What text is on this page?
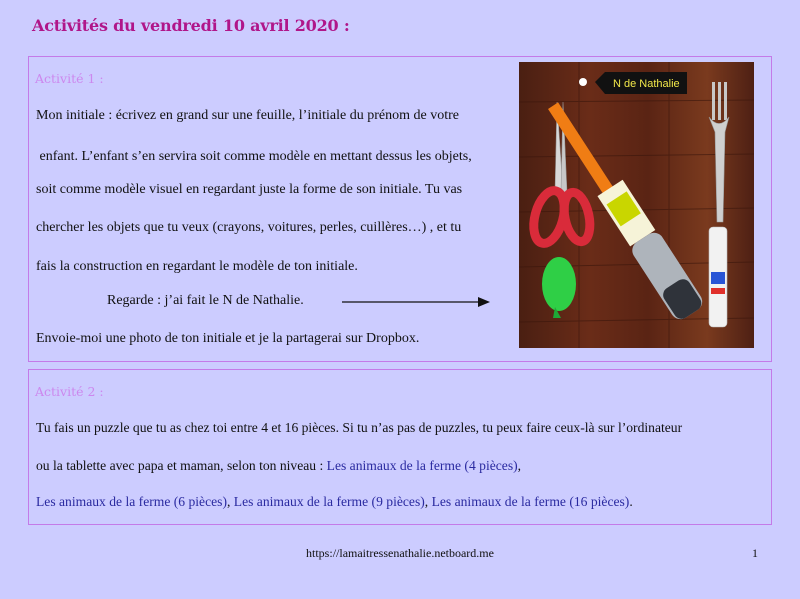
Activités du vendredi 10 avril 2020 :
Activité 1 :
Mon initiale : écrivez en grand sur une feuille, l’initiale du prénom de votre
enfant. L’enfant s’en servira soit comme modèle en mettant dessus les objets,
soit comme modèle visuel en regardant juste la forme de son initiale. Tu vas
chercher les objets que tu veux (crayons, voitures, perles, cuillères…) , et tu
fais la construction en regardant le modèle de ton initiale.
Regarde : j’ai fait le N de Nathalie.
Envoie-moi une photo de ton initiale et je la partagerai sur Dropbox.
N de Nathalie
Activité 2 :
Tu fais un puzzle que tu as chez toi entre 4 et 16 pièces. Si tu n’as pas de puzzles, tu peux faire ceux-là sur l’ordinateur
ou la tablette avec papa et maman, selon ton niveau : Les animaux de la ferme (4 pièces),
Les animaux de la ferme (6 pièces), Les animaux de la ferme (9 pièces), Les animaux de la ferme (16 pièces).
https://lamaitressenathalie.netboard.me	1
